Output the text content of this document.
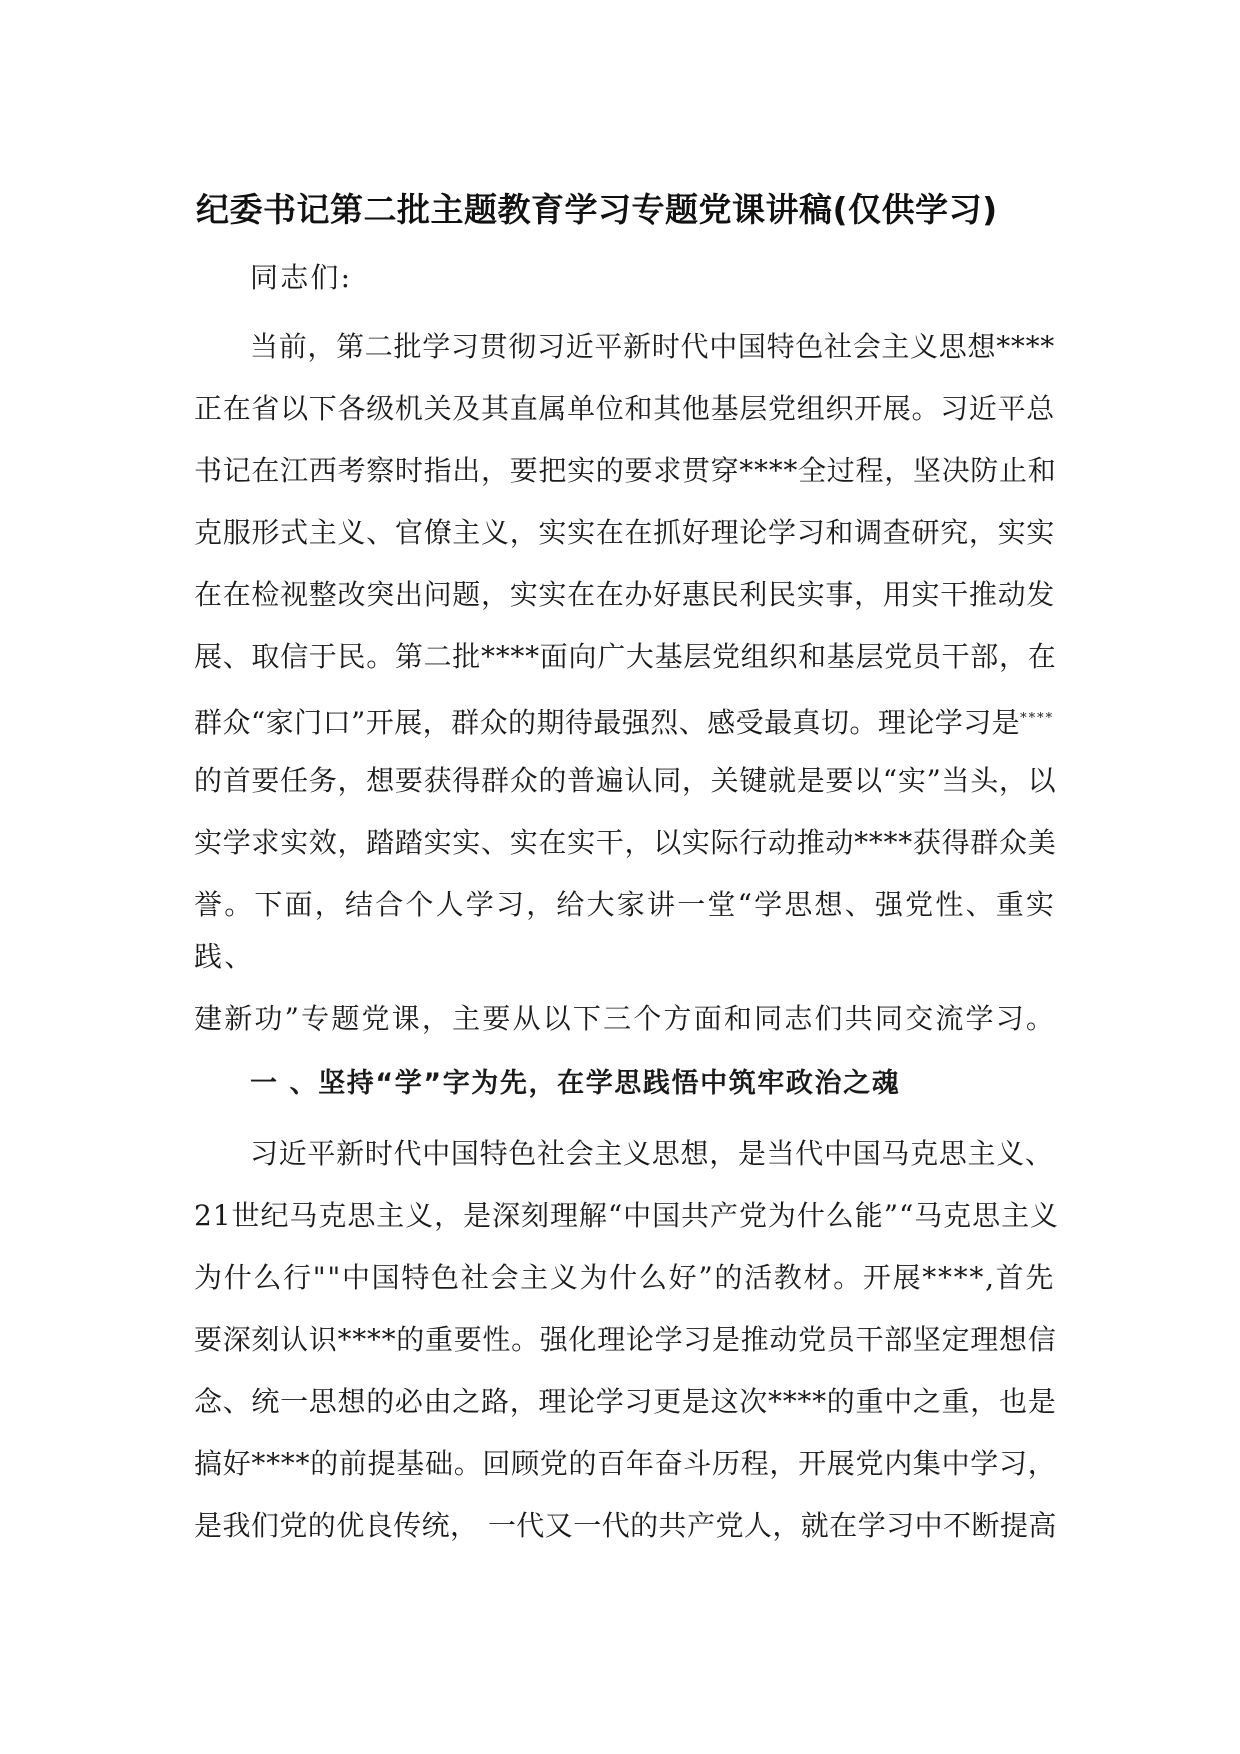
纪委书记第二批主题教育学习专题党课讲稿(仅供学习)
同志们:
当前，第二批学习贯彻习近平新时代中国特色社会主义思想****
正在省以下各级机关及其直属单位和其他基层党组织开展。习近平总
书记在江西考察时指出，要把实的要求贯穿****全过程，坚决防止和
克服形式主义、官僚主义，实实在在抓好理论学习和调查研究，实实
在在检视整改突出问题，实实在在办好惠民利民实事，用实干推动发
展、取信于民。第二批****面向广大基层党组织和基层党员干部，在
群众“家门口”开展，群众的期待最强烈、感受最真切。理论学习是****
的首要任务，想要获得群众的普遍认同，关键就是要以“实”当头，以
实学求实效，踏踏实实、实在实干，以实际行动推动****获得群众美
誉。下面，结合个人学习，给大家讲一堂“学思想、强党性、重实
践、
建新功”专题党课，主要从以下三个方面和同志们共同交流学习。
一 、坚持“学”字为先，在学思践悟中筑牢政治之魂
习近平新时代中国特色社会主义思想，是当代中国马克思主义、
21世纪马克思主义，是深刻理解“中国共产党为什么能”“马克思主义
为什么行""中国特色社会主义为什么好”的活教材。开展****,首先
要深刻认识****的重要性。强化理论学习是推动党员干部坚定理想信
念、统一思想的必由之路，理论学习更是这次****的重中之重，也是
搞好****的前提基础。回顾党的百年奋斗历程，开展党内集中学习，
是我们党的优良传统， 一代又一代的共产党人，就在学习中不断提高
